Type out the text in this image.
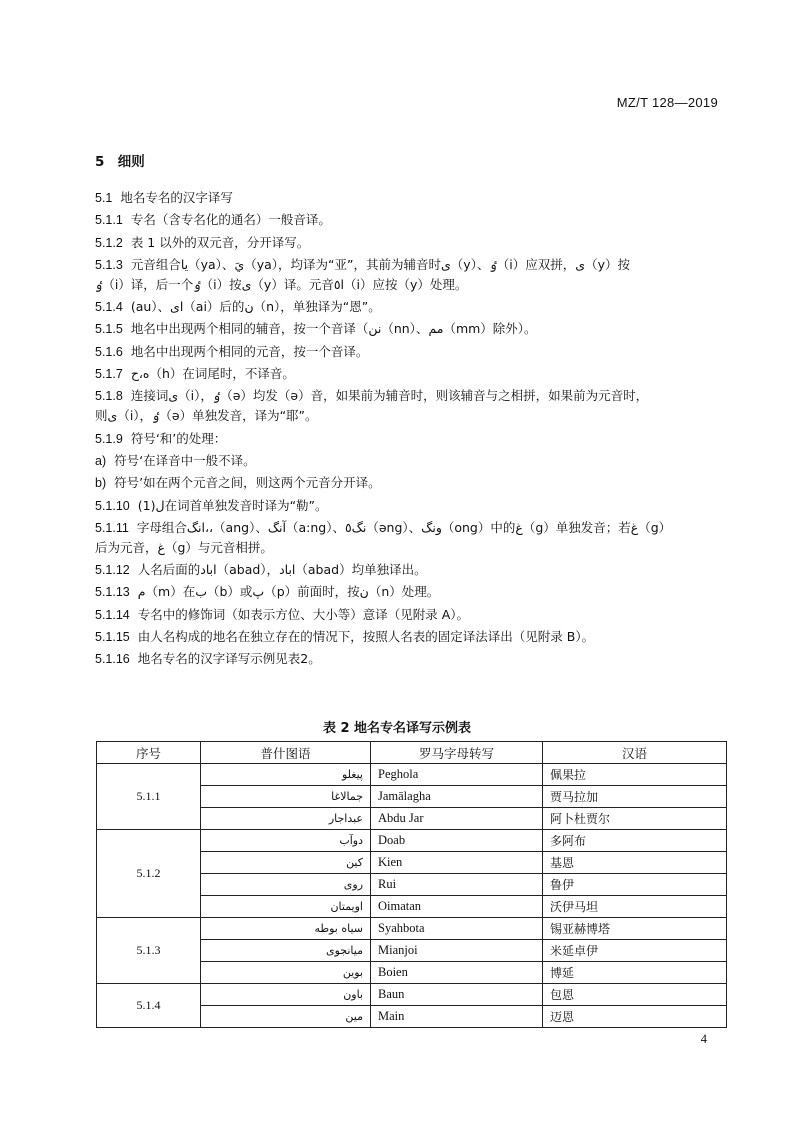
MZ/T 128—2019
5 细则
5.1 地名专名的汉字译写
5.1.1 专名（含专名化的通名）一般音译。
5.1.2 表 1 以外的双元音，分开译写。
5.1.3 元音组合يا（ya）、يَ（ya），均译为“亚”，其前为辅音时ى（y）、ٶ（i）应双拼，ى（y）按
ٶ（i）译，后一个ٶ（i）按ى（y）译。元音ا٥（i）应按（y）处理。
5.1.4 (au）、ای（ai）后的ن（n），单独译为“恩”。
5.1.5 地名中出现两个相同的辅音，按一个音译（نن（nn）、مم（mm）除外）。
5.1.6 地名中出现两个相同的元音，按一个音译。
5.1.7 ه،ح（h）在词尾时，不译音。
5.1.8 连接词ى（i），ٶ（ə）均发（ə）音，如果前为辅音时，则该辅音与之相拼，如果前为元音时，
则ى（i），ٶ（ə）单独发音，译为“耶”。
5.1.9 符号‘和’的处理：
a) 符号‘在译音中一般不译。
b) 符号’如在两个元音之间，则这两个元音分开译。
5.1.10 ل(1)在词首单独发音时译为“勒”。
5.1.11 字母组合انگ،،（ang）、آنگ（a:ng）、نگ٥（əng）、ونگ（ong）中的غ（g）单独发音；若غ（g）
后为元音，غ（g）与元音相拼。
5.1.12 人名后面的اباد（abad），اباد（abad）均单独译出。
5.1.13 م（m）在ب（b）或پ（p）前面时，按ن（n）处理。
5.1.14 专名中的修饰词（如表示方位、大小等）意译（见附录 A）。
5.1.15 由人名构成的地名在独立存在的情况下，按照人名表的固定译法译出（见附录 B）。
5.1.16 地名专名的汉字译写示例见表2。
表 2 地名专名译写示例表
序号	普什图语	罗马字母转写	汉语
5.1.1	پیغلو	Peghola	佩果拉
	جمالاغا	Jamālagha	贾马拉加
	عبداجار	Abdu Jar	阿卜杜贾尔
5.1.2	دوآب	Doab	多阿布
	کین	Kien	基恩
	روی	Rui	鲁伊
	اویمتان	Oimatan	沃伊马坦
5.1.3	سیاه بوطه	Syahbota	锡亚赫博塔
	میانجوی	Mianjoi	米延卓伊
	بوین	Boien	博延
5.1.4	باون	Baun	包恩
	مین	Main	迈恩
4
